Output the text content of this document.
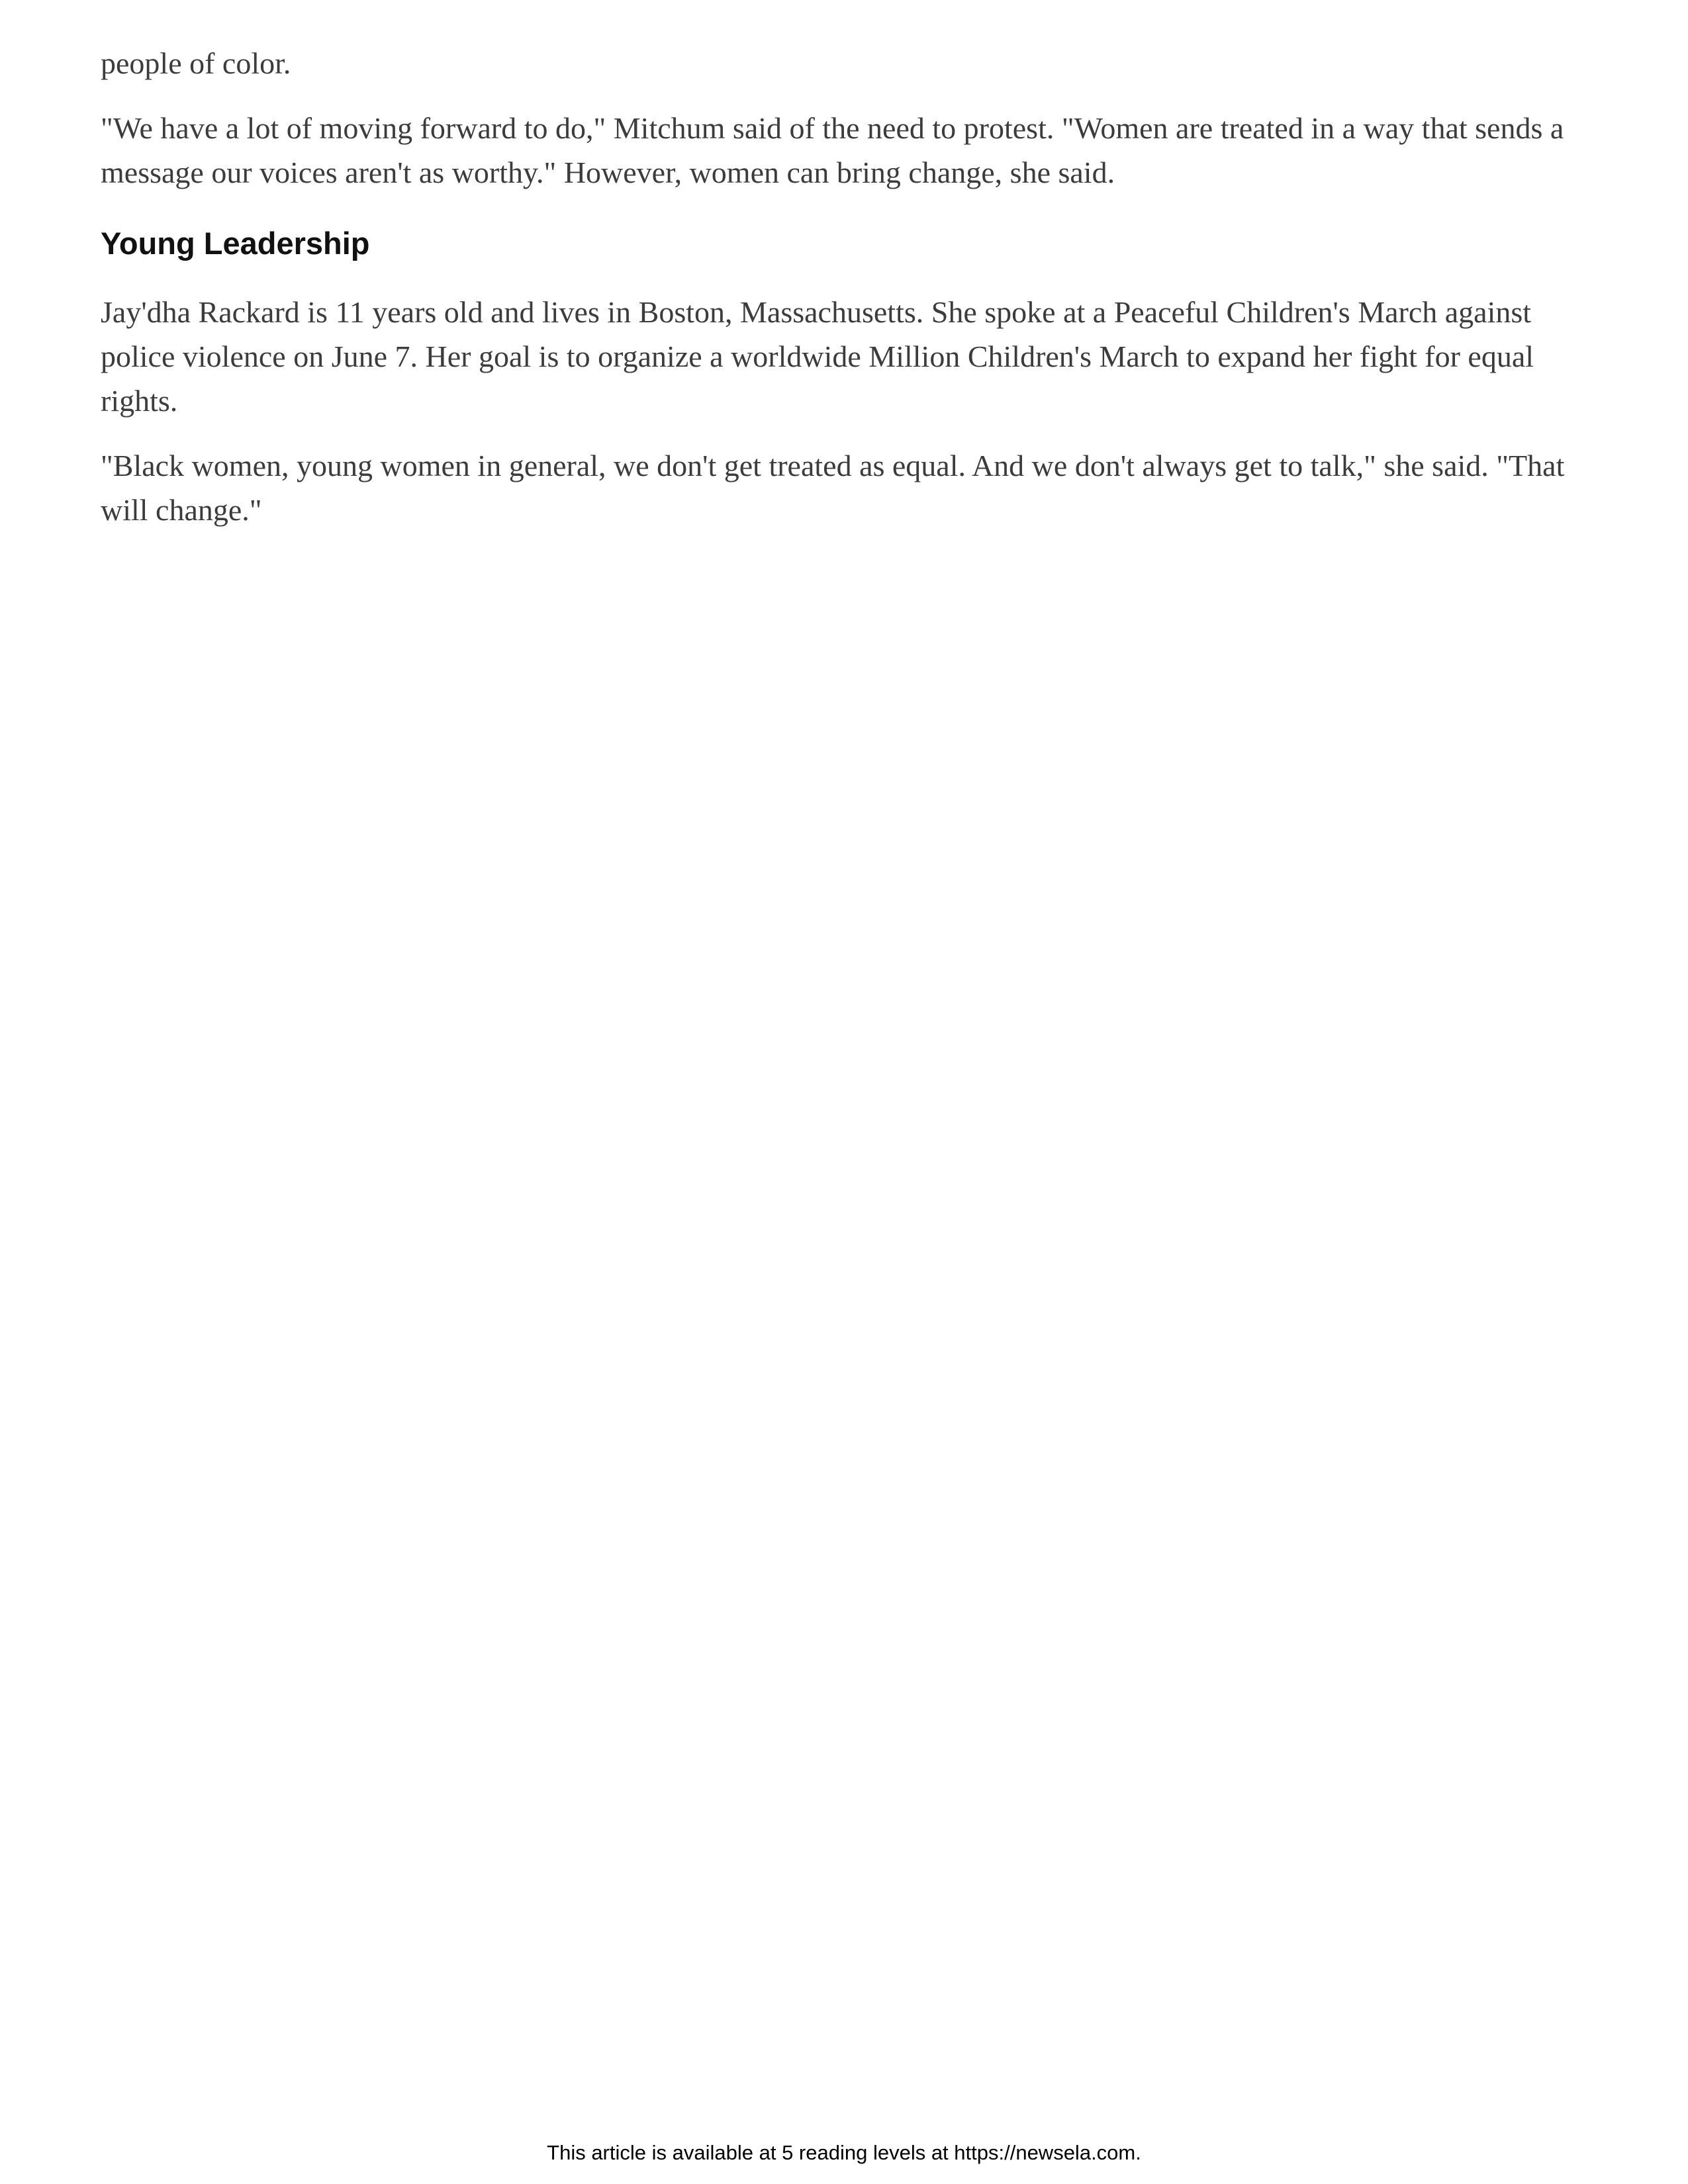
people of color.

"We have a lot of moving forward to do," Mitchum said of the need to protest. "Women are treated in a way that sends a message our voices aren't as worthy." However, women can bring change, she said.

Young Leadership

Jay'dha Rackard is 11 years old and lives in Boston, Massachusetts. She spoke at a Peaceful Children's March against police violence on June 7. Her goal is to organize a worldwide Million Children's March to expand her fight for equal rights.

"Black women, young women in general, we don't get treated as equal. And we don't always get to talk," she said. "That will change."

This article is available at 5 reading levels at https://newsela.com.
